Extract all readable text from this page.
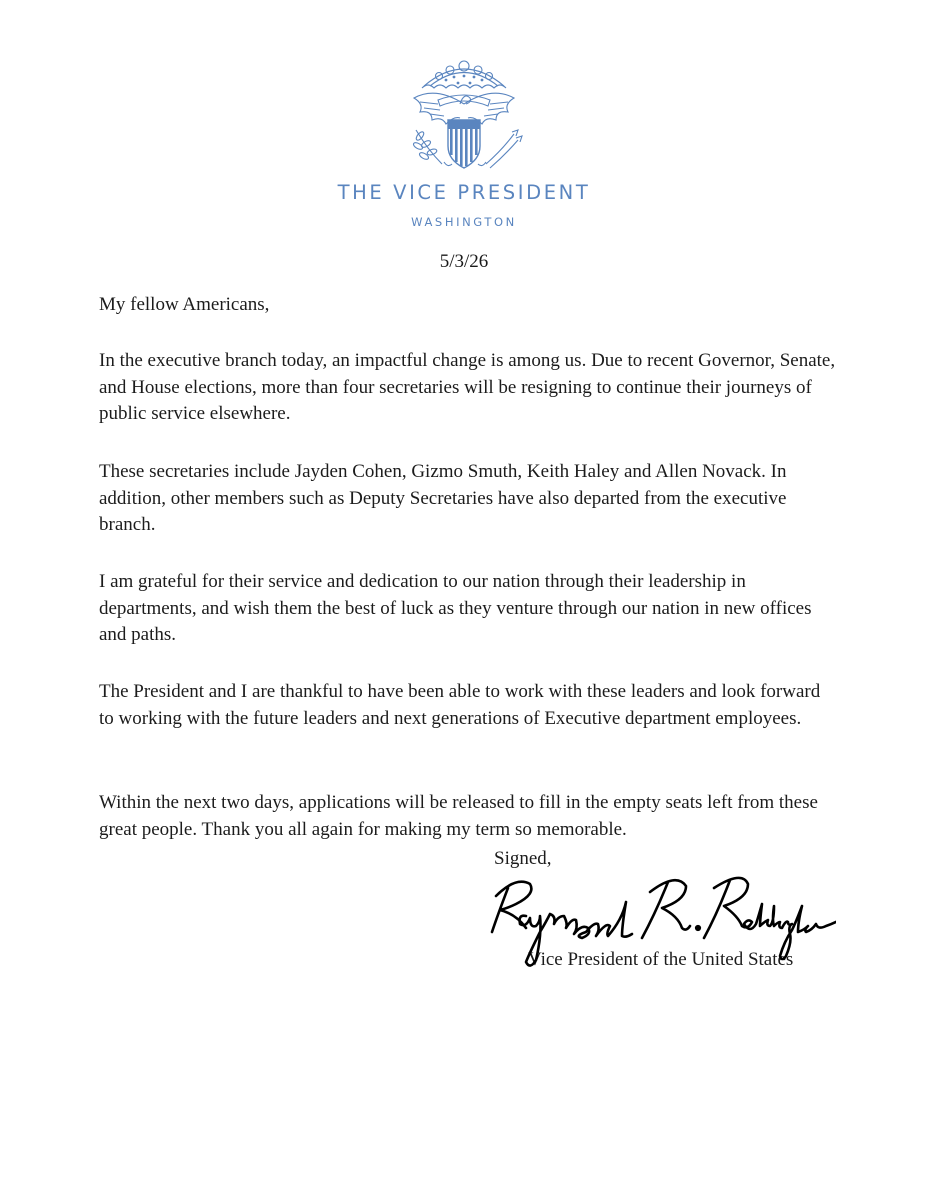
THE VICE PRESIDENT
WASHINGTON
5/3/26

My fellow Americans,

In the executive branch today, an impactful change is among us. Due to recent Governor, Senate, and House elections, more than four secretaries will be resigning to continue their journeys of public service elsewhere.

These secretaries include Jayden Cohen, Gizmo Smuth, Keith Haley and Allen Novack. In addition, other members such as Deputy Secretaries have also departed from the executive branch.

I am grateful for their service and dedication to our nation through their leadership in departments, and wish them the best of luck as they venture through our nation in new offices and paths.

The President and I are thankful to have been able to work with these leaders and look forward to working with the future leaders and next generations of Executive department employees.

Within the next two days, applications will be released to fill in the empty seats left from these great people. Thank you all again for making my term so memorable.

Signed,
Vice President of the United States
